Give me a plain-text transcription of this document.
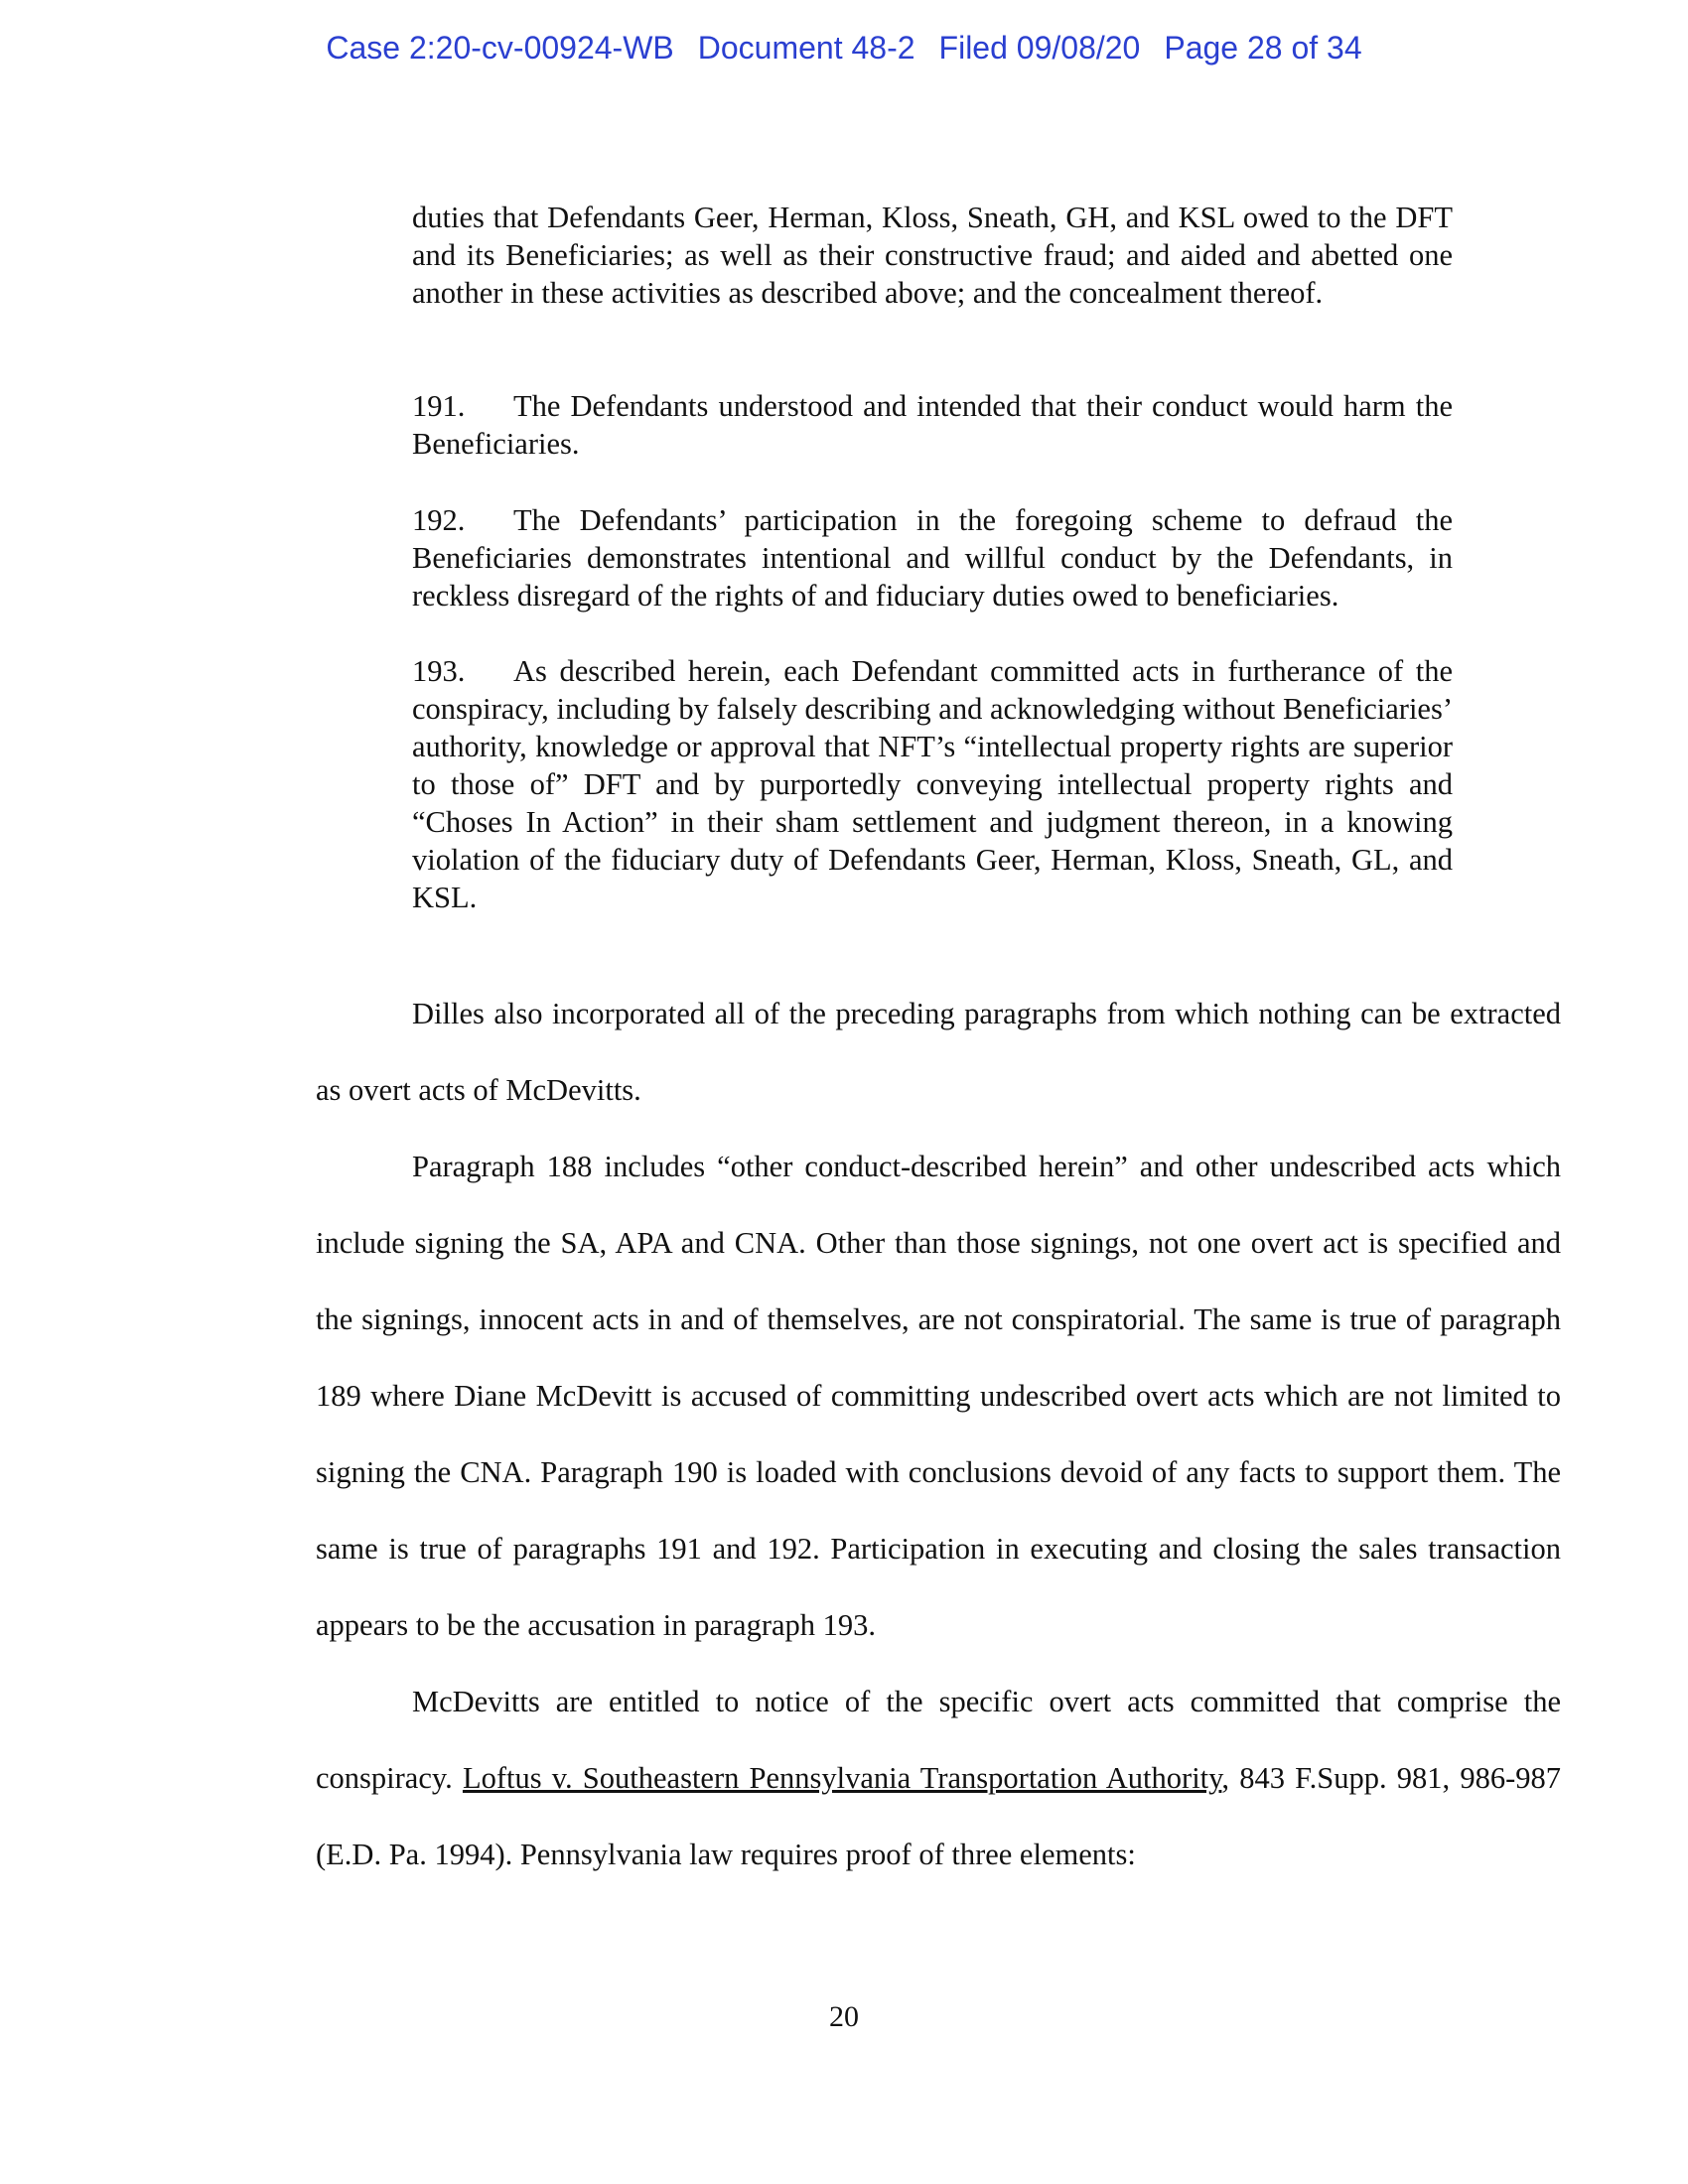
Case 2:20-cv-00924-WB Document 48-2 Filed 09/08/20 Page 28 of 34

duties that Defendants Geer, Herman, Kloss, Sneath, GH, and KSL owed to the DFT and its Beneficiaries; as well as their constructive fraud; and aided and abetted one another in these activities as described above; and the concealment thereof.

191. The Defendants understood and intended that their conduct would harm the Beneficiaries.

192. The Defendants’ participation in the foregoing scheme to defraud the Beneficiaries demonstrates intentional and willful conduct by the Defendants, in reckless disregard of the rights of and fiduciary duties owed to beneficiaries.

193. As described herein, each Defendant committed acts in furtherance of the conspiracy, including by falsely describing and acknowledging without Beneficiaries’ authority, knowledge or approval that NFT’s “intellectual property rights are superior to those of” DFT and by purportedly conveying intellectual property rights and “Choses In Action” in their sham settlement and judgment thereon, in a knowing violation of the fiduciary duty of Defendants Geer, Herman, Kloss, Sneath, GL, and KSL.

Dilles also incorporated all of the preceding paragraphs from which nothing can be extracted as overt acts of McDevitts.

Paragraph 188 includes “other conduct-described herein” and other undescribed acts which include signing the SA, APA and CNA. Other than those signings, not one overt act is specified and the signings, innocent acts in and of themselves, are not conspiratorial. The same is true of paragraph 189 where Diane McDevitt is accused of committing undescribed overt acts which are not limited to signing the CNA. Paragraph 190 is loaded with conclusions devoid of any facts to support them. The same is true of paragraphs 191 and 192. Participation in executing and closing the sales transaction appears to be the accusation in paragraph 193.

McDevitts are entitled to notice of the specific overt acts committed that comprise the conspiracy. Loftus v. Southeastern Pennsylvania Transportation Authority, 843 F.Supp. 981, 986-987 (E.D. Pa. 1994). Pennsylvania law requires proof of three elements:

20
